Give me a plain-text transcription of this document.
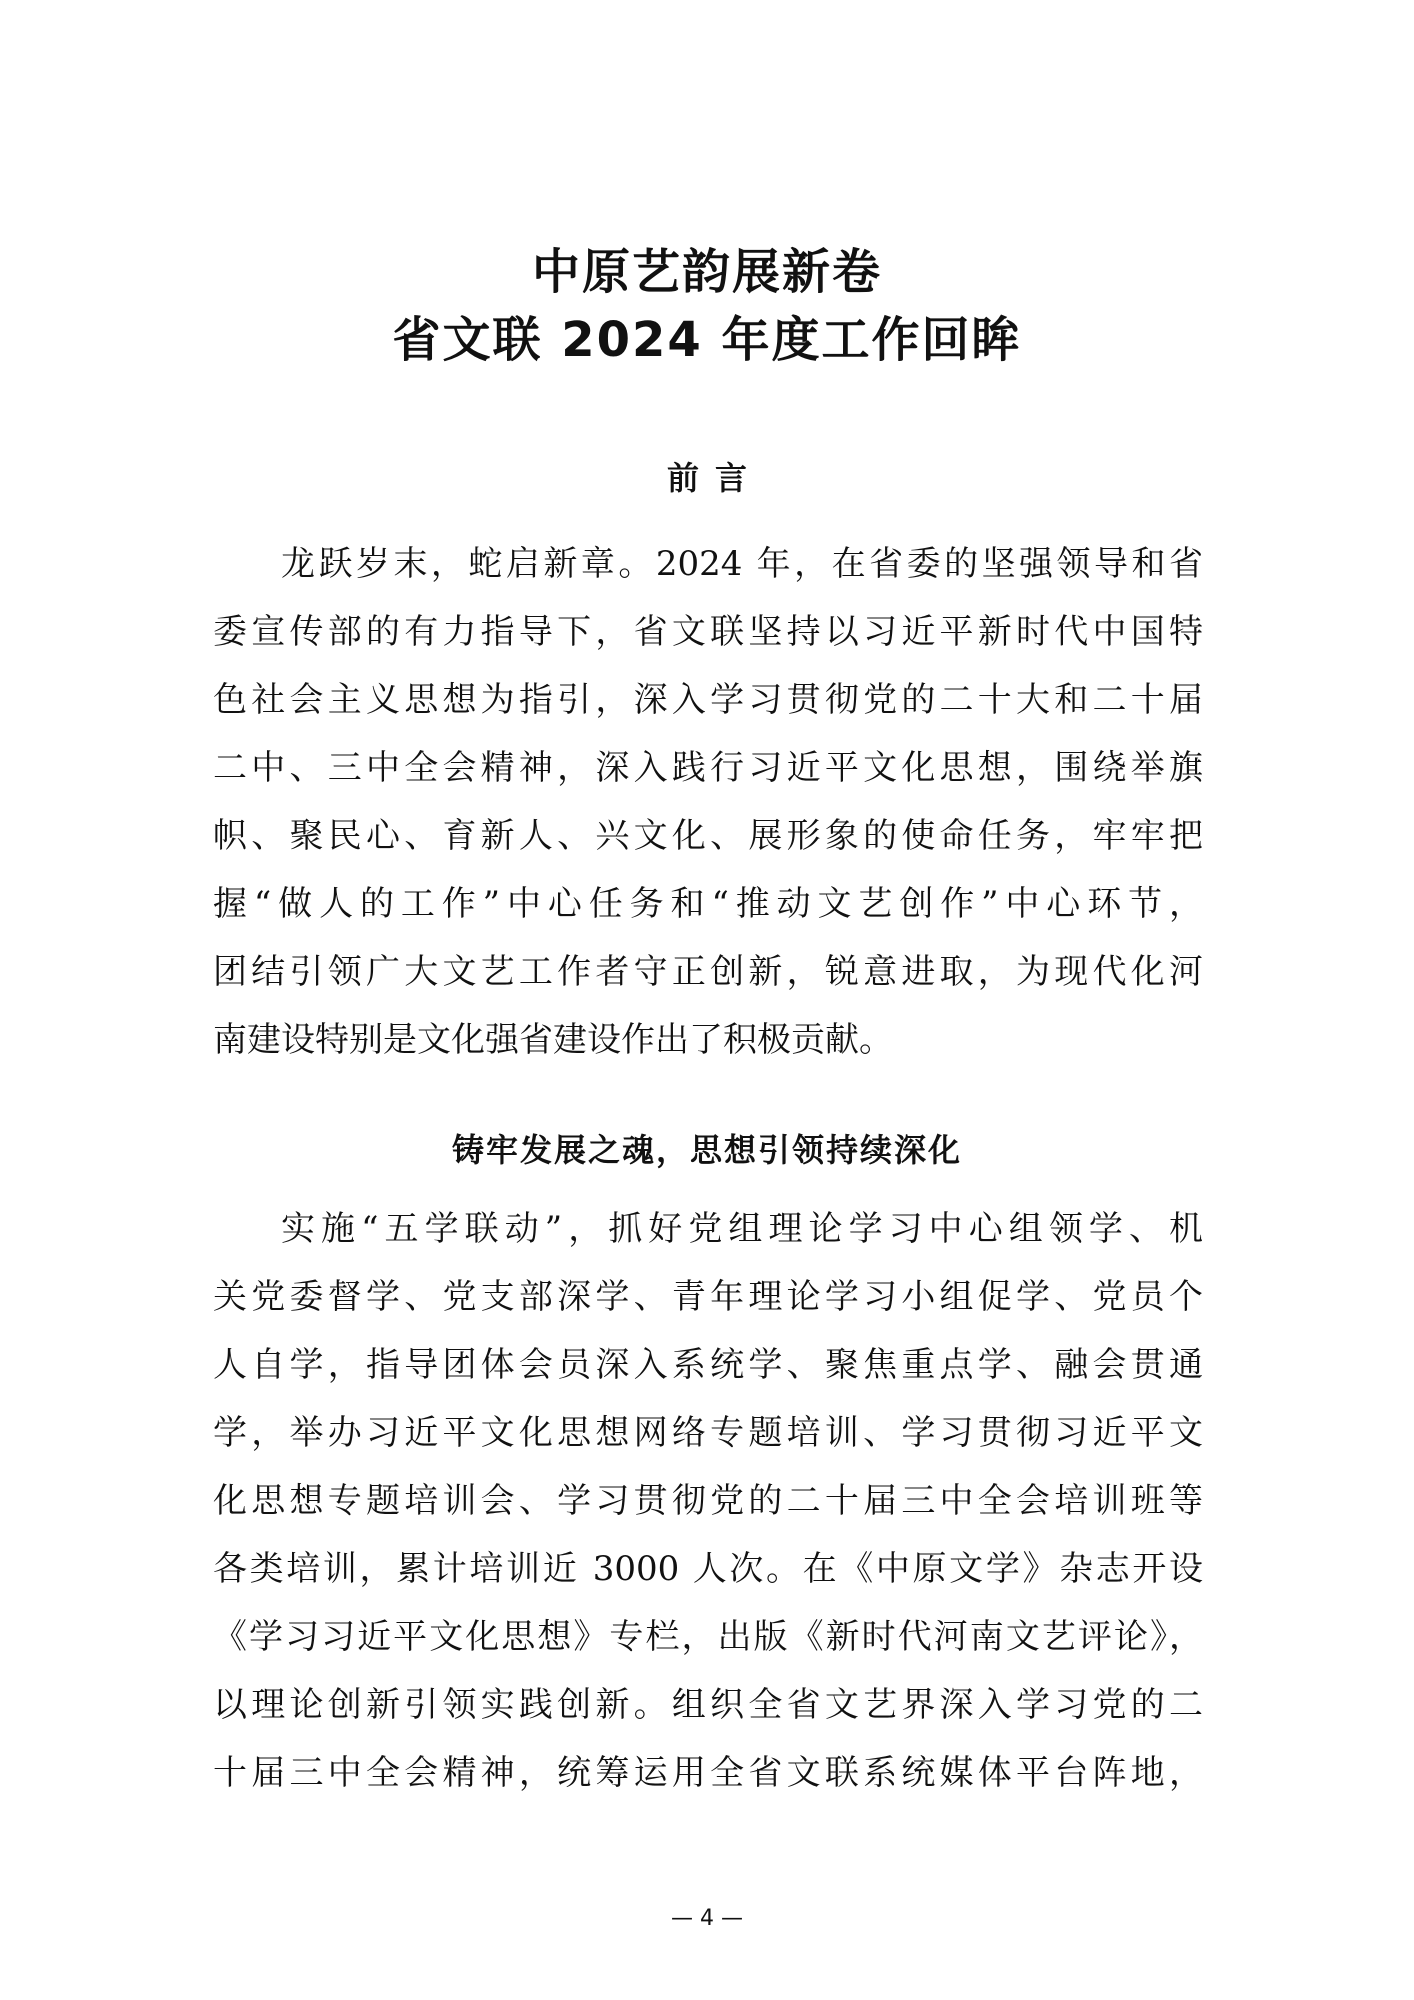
中原艺韵展新卷
省文联 2024 年度工作回眸
前言
龙跃岁末，蛇启新章。2024 年，在省委的坚强领导和省
委宣传部的有力指导下，省文联坚持以习近平新时代中国特
色社会主义思想为指引，深入学习贯彻党的二十大和二十届
二中、三中全会精神，深入践行习近平文化思想，围绕举旗
帜、聚民心、育新人、兴文化、展形象的使命任务，牢牢把
握“做人的工作”中心任务和“推动文艺创作”中心环节，
团结引领广大文艺工作者守正创新，锐意进取，为现代化河
南建设特别是文化强省建设作出了积极贡献。
铸牢发展之魂，思想引领持续深化
实施“五学联动”，抓好党组理论学习中心组领学、机
关党委督学、党支部深学、青年理论学习小组促学、党员个
人自学，指导团体会员深入系统学、聚焦重点学、融会贯通
学，举办习近平文化思想网络专题培训、学习贯彻习近平文
化思想专题培训会、学习贯彻党的二十届三中全会培训班等
各类培训，累计培训近 3000 人次。在《中原文学》杂志开设
《学习习近平文化思想》专栏，出版《新时代河南文艺评论》，
以理论创新引领实践创新。组织全省文艺界深入学习党的二
十届三中全会精神，统筹运用全省文联系统媒体平台阵地，
— 4 —
